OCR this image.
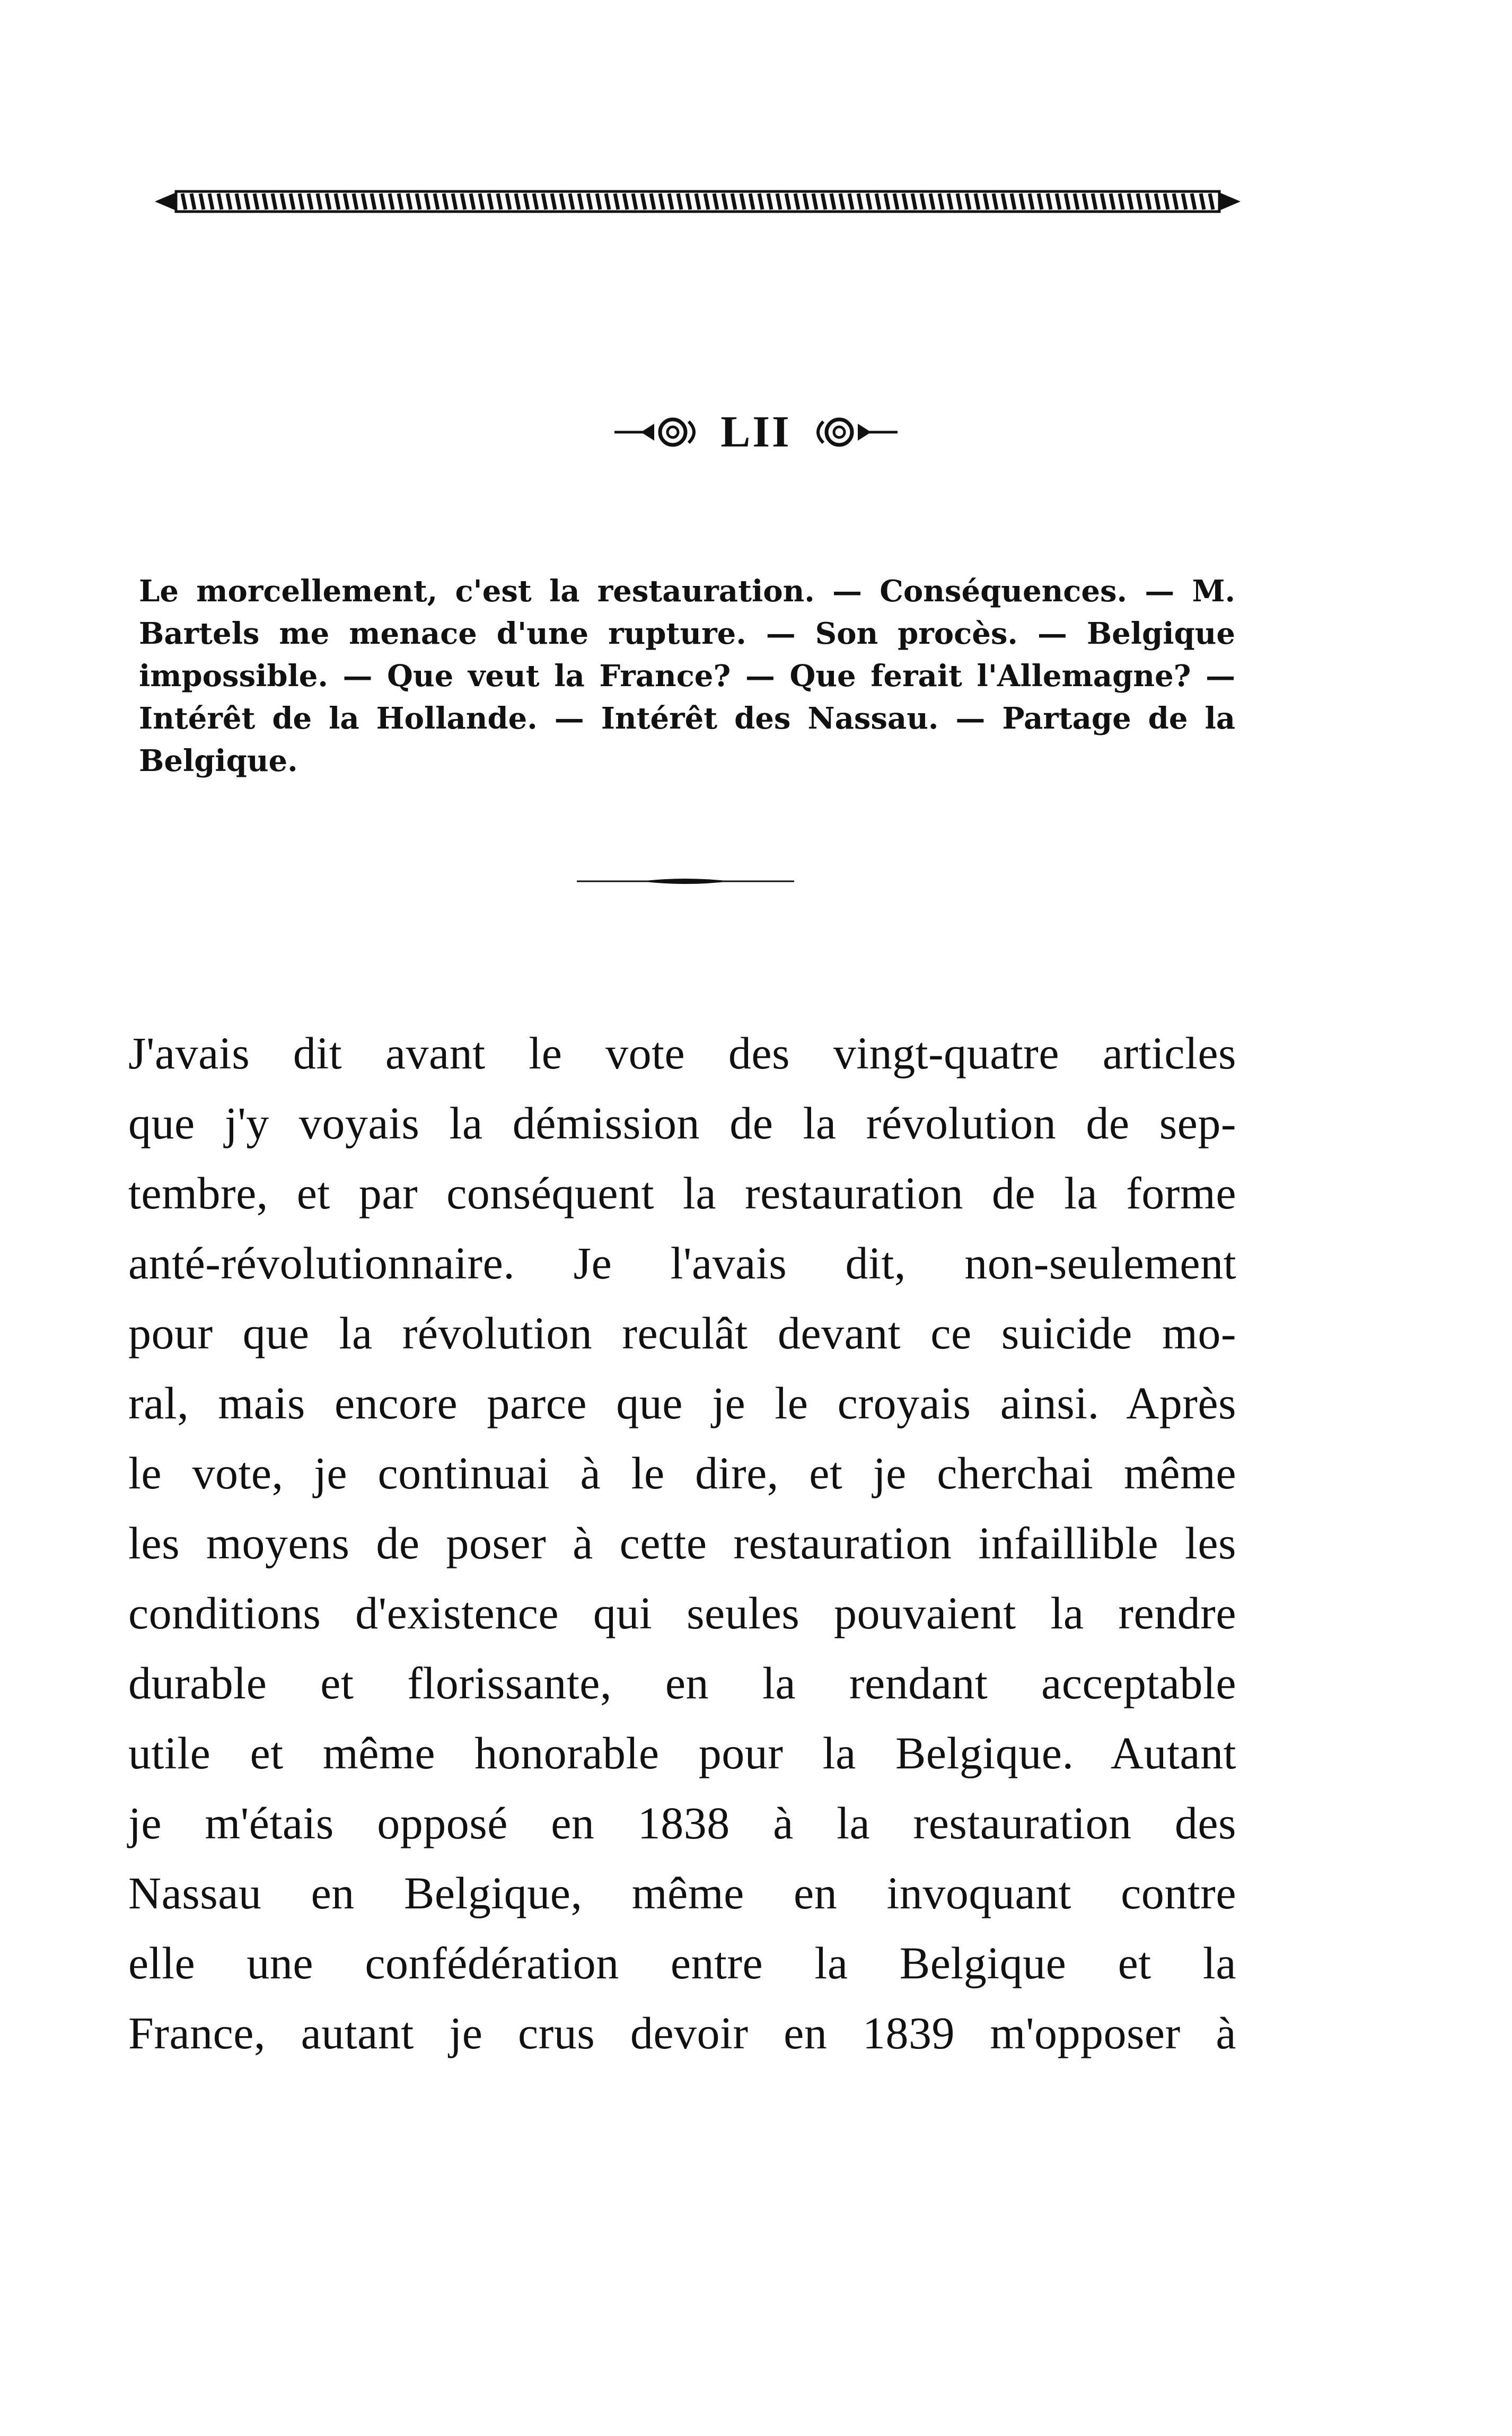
LII
Le morcellement, c'est la restauration. — Conséquences. — M. Bartels me menace d'une rupture. — Son procès. — Belgique impossible. — Que veut la France? — Que ferait l'Allemagne? — Intérêt de la Hollande. — Intérêt des Nassau. — Partage de la Belgique.
J'avais dit avant le vote des vingt-quatre articles
que j'y voyais la démission de la révolution de sep-
tembre, et par conséquent la restauration de la forme
anté-révolutionnaire. Je l'avais dit, non-seulement
pour que la révolution reculât devant ce suicide mo-
ral, mais encore parce que je le croyais ainsi. Après
le vote, je continuai à le dire, et je cherchai même
les moyens de poser à cette restauration infaillible les
conditions d'existence qui seules pouvaient la rendre
durable et florissante, en la rendant acceptable
utile et même honorable pour la Belgique. Autant
je m'étais opposé en 1838 à la restauration des
Nassau en Belgique, même en invoquant contre
elle une confédération entre la Belgique et la
France, autant je crus devoir en 1839 m'opposer à
